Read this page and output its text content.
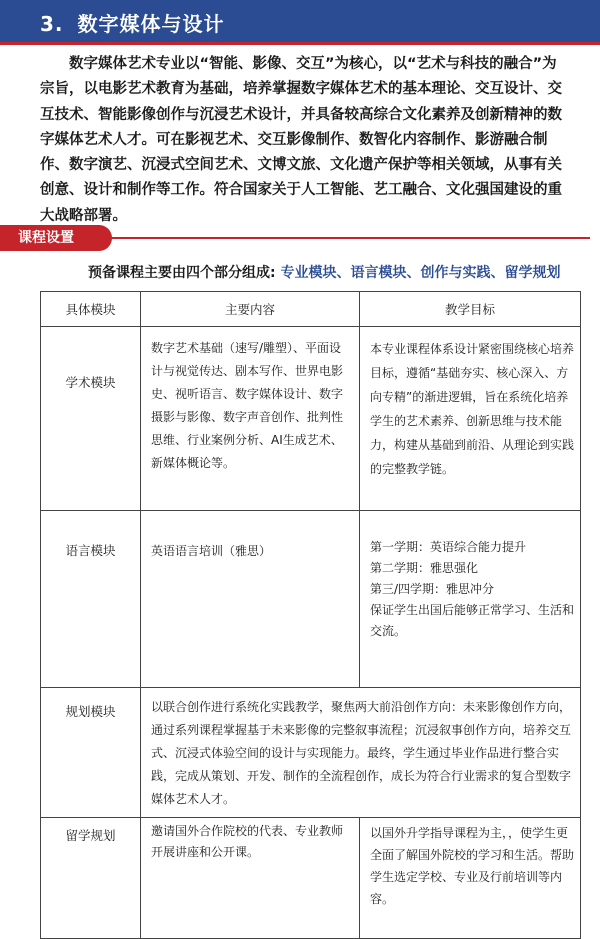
3. 数字媒体与设计

数字媒体艺术专业以“智能、影像、交互”为核心，以“艺术与科技的融合”为宗旨，以电影艺术教育为基础，培养掌握数字媒体艺术的基本理论、交互设计、交互技术、智能影像创作与沉浸艺术设计，并具备较高综合文化素养及创新精神的数字媒体艺术人才。可在影视艺术、交互影像制作、数智化内容制作、影游融合制作、数字演艺、沉浸式空间艺术、文博文旅、文化遗产保护等相关领域，从事有关创意、设计和制作等工作。符合国家关于人工智能、艺工融合、文化强国建设的重大战略部署。

课程设置
预备课程主要由四个部分组成: 专业模块、语言模块、创作与实践、留学规划
具体模块	主要内容	教学目标
学术模块	数字艺术基础（速写/雕塑）、平面设计与视觉传达、剧本写作、世界电影史、视听语言、数字媒体设计、数字摄影与影像、数字声音创作、批判性思维、行业案例分析、AI生成艺术、新媒体概论等。	本专业课程体系设计紧密围绕核心培养目标，遵循“基础夯实、核心深入、方向专精”的渐进逻辑，旨在系统化培养学生的艺术素养、创新思维与技术能力，构建从基础到前沿、从理论到实践的完整教学链。
语言模块	英语语言培训（雅思）	第一学期：英语综合能力提升
第二学期：雅思强化
第三/四学期：雅思冲分
保证学生出国后能够正常学习、生活和交流。

规划模块	以联合创作进行系统化实践教学，聚焦两大前沿创作方向：未来影像创作方向，通过系列课程掌握基于未来影像的完整叙事流程；沉浸叙事创作方向，培养交互式、沉浸式体验空间的设计与实现能力。最终，学生通过毕业作品进行整合实践，完成从策划、开发、制作的全流程创作，成长为符合行业需求的复合型数字媒体艺术人才。	
留学规划	邀请国外合作院校的代表、专业教师开展讲座和公开课。	以国外升学指导课程为主，，使学生更全面了解国外院校的学习和生活。帮助学生选定学校、专业及行前培训等内容。
